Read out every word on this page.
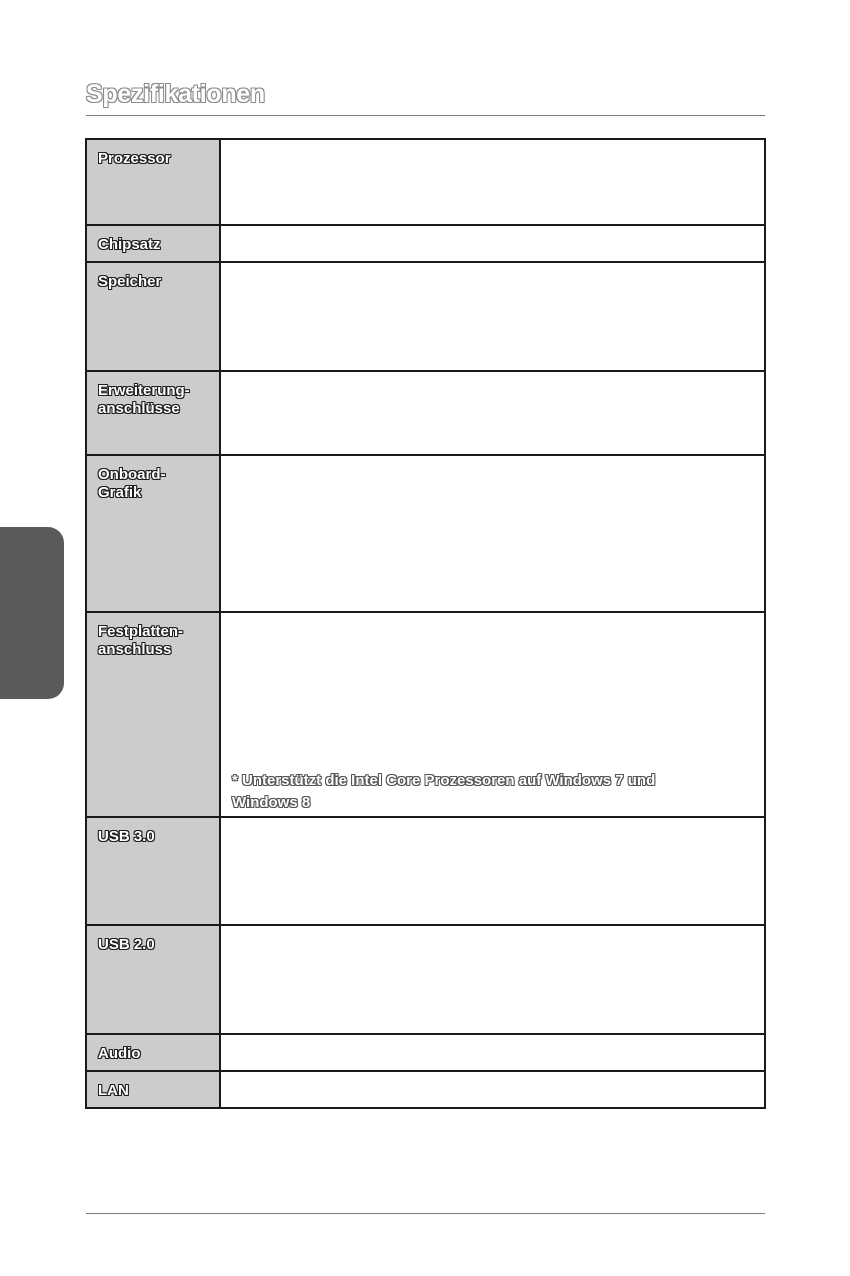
Spezifikationen
Prozessor	
Chipsatz	
Speicher	
Erweiterung-
anschlüsse	
Onboard-
Grafik	
Festplatten-
anschluss	* Unterstützt die Intel Core Prozessoren auf Windows 7 und Windows 8

USB 3.0	
USB 2.0	
Audio	
LAN	
